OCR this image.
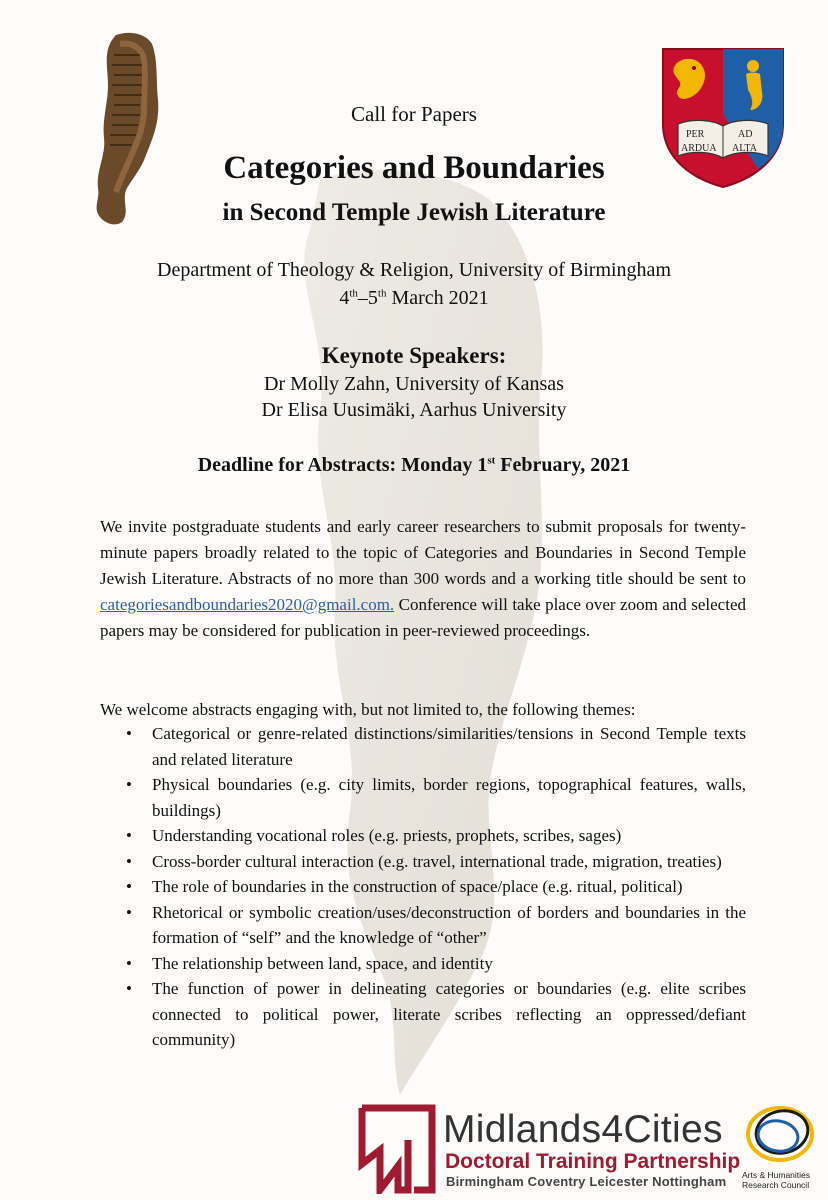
PER
ARDUA
AD
ALTA
Call for Papers
Categories and Boundaries
in Second Temple Jewish Literature
Department of Theology & Religion, University of Birmingham
4th–5th March 2021
Keynote Speakers:
Dr Molly Zahn, University of Kansas
Dr Elisa Uusimäki, Aarhus University
Deadline for Abstracts: Monday 1st February, 2021
We invite postgraduate students and early career researchers to submit proposals for twenty-minute papers broadly related to the topic of Categories and Boundaries in Second Temple Jewish Literature. Abstracts of no more than 300 words and a working title should be sent to categoriesandboundaries2020@gmail.com. Conference will take place over zoom and selected papers may be considered for publication in peer-reviewed proceedings.
We welcome abstracts engaging with, but not limited to, the following themes:
• Categorical or genre-related distinctions/similarities/tensions in Second Temple texts and related literature
• Physical boundaries (e.g. city limits, border regions, topographical features, walls, buildings)
• Understanding vocational roles (e.g. priests, prophets, scribes, sages)
• Cross-border cultural interaction (e.g. travel, international trade, migration, treaties)
• The role of boundaries in the construction of space/place (e.g. ritual, political)
• Rhetorical or symbolic creation/uses/deconstruction of borders and boundaries in the formation of “self” and the knowledge of “other”
• The relationship between land, space, and identity
• The function of power in delineating categories or boundaries (e.g. elite scribes connected to political power, literate scribes reflecting an oppressed/defiant community)
Midlands4Cities
Doctoral Training Partnership
Birmingham Coventry Leicester Nottingham Arts & Humanities
Research Council
